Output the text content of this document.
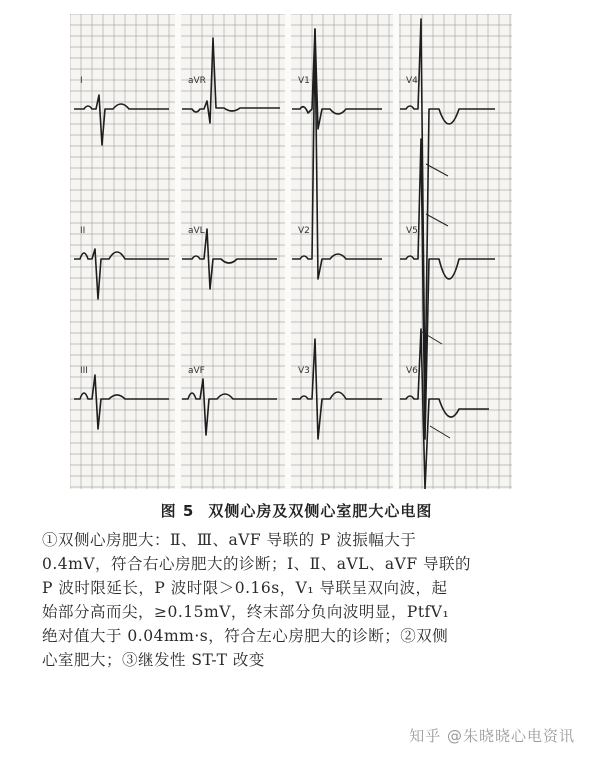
I	aVR	V1	V4
II	aVL	V2	V5
III	aVF	V3	V6
图 5 双侧心房及双侧心室肥大心电图
①双侧心房肥大：Ⅱ、Ⅲ、aVF 导联的 P 波振幅大于
0.4mV，符合右心房肥大的诊断；Ⅰ、Ⅱ、aVL、aVF 导联的
P 波时限延长，P 波时限＞0.16s，V₁ 导联呈双向波，起
始部分高而尖，≥0.15mV，终末部分负向波明显，PtfV₁
绝对值大于 0.04mm·s，符合左心房肥大的诊断；②双侧
心室肥大；③继发性 ST-T 改变
知乎 @朱晓晓心电资讯
